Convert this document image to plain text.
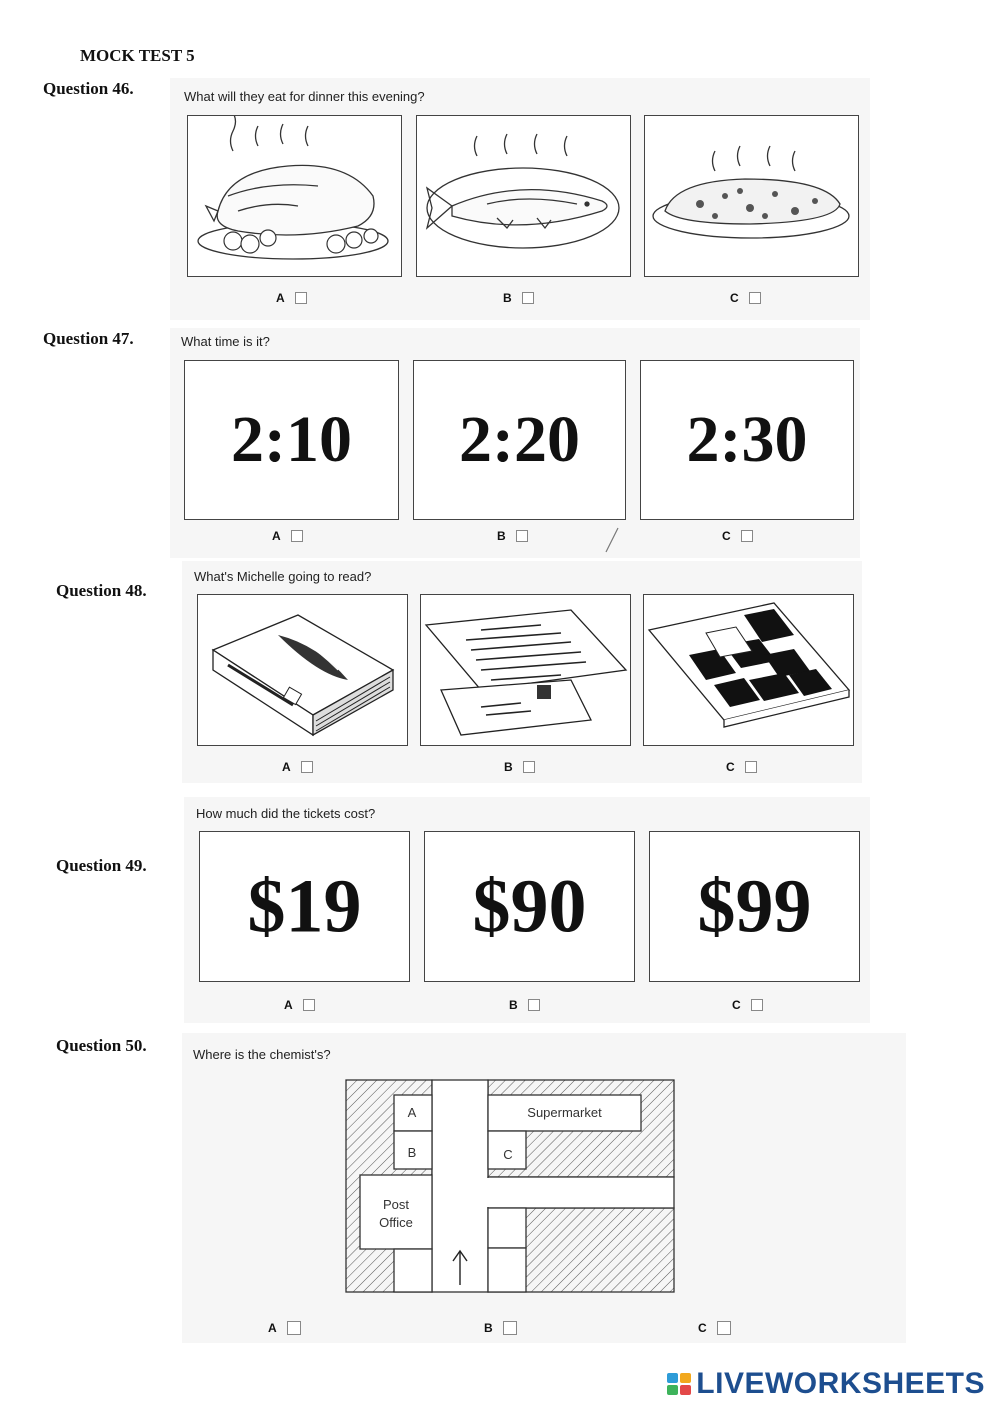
MOCK TEST 5
Question 46.	What will they eat for dinner this evening?
A	B	C
Question 47.	What time is it?
2:10	2:20	2:30
A	B	C
Question 48.
What's Michelle going to read?
A	B	C
Question 49.
How much did the tickets cost?
$19	$90	$99
A	B	C
Question 50.	Where is the chemist's?
A
B	C
Supermarket
Post
Office
A	B	C
LIVEWORKSHEETS
